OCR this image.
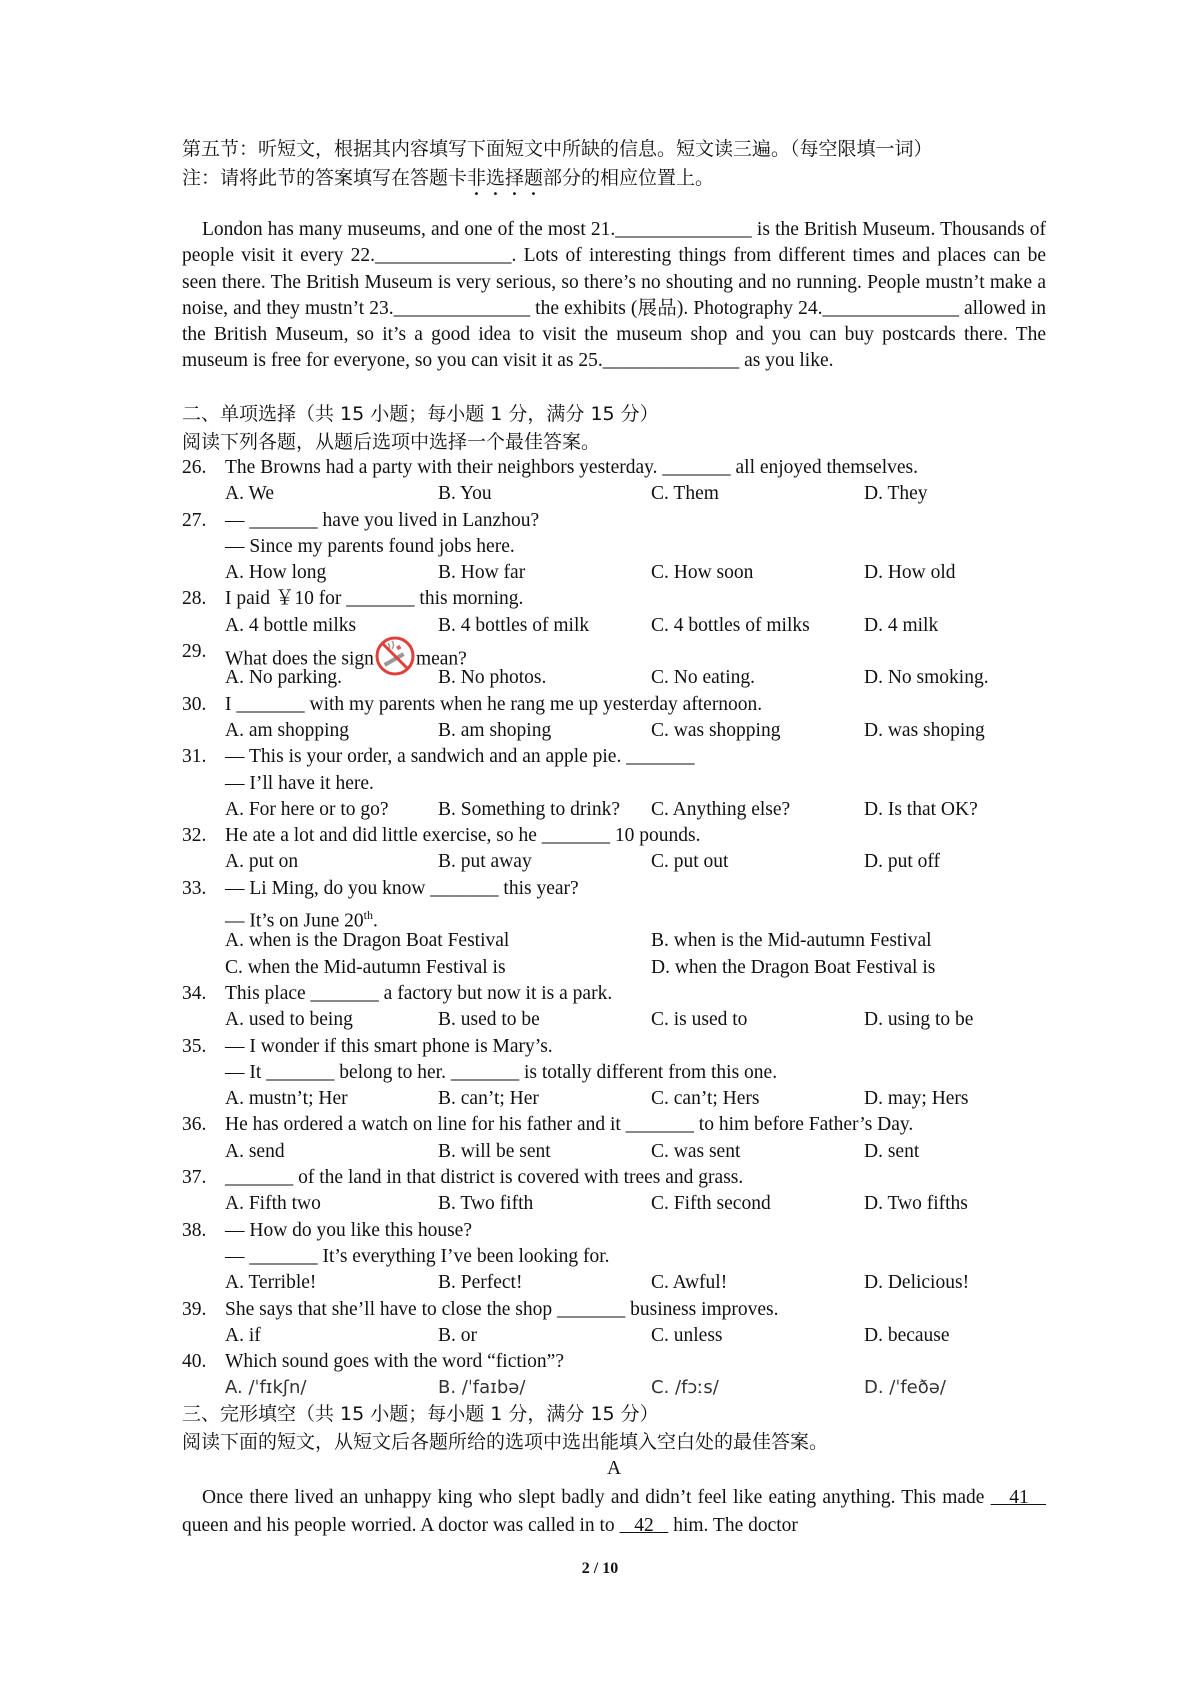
第五节：听短文，根据其内容填写下面短文中所缺的信息。短文读三遍。（每空限填一词）
注：请将此节的答案填写在答题卡非选择题部分的相应位置上。
London has many museums, and one of the most 21.______________ is the British Museum. Thousands of people visit it every 22.______________. Lots of interesting things from different times and places can be seen there. The British Museum is very serious, so there’s no shouting and no running. People mustn’t make a noise, and they mustn’t 23.______________ the exhibits (展品). Photography 24.______________ allowed in the British Museum, so it’s a good idea to visit the museum shop and you can buy postcards there. The museum is free for everyone, so you can visit it as 25.______________ as you like.
二、单项选择（共 15 小题；每小题 1 分，满分 15 分）
阅读下列各题，从题后选项中选择一个最佳答案。
26. The Browns had a party with their neighbors yesterday. _______ all enjoyed themselves.
A. We	B. You	C. Them	D. They
27. — _______ have you lived in Lanzhou?
— Since my parents found jobs here.
A. How long	B. How far	C. How soon	D. How old
28. I paid ￥10 for _______ this morning.
A. 4 bottle milks	B. 4 bottles of milk	C. 4 bottles of milks	D. 4 milk
29. What does the sign mean?
A. No parking.	B. No photos.	C. No eating.	D. No smoking.
30. I _______ with my parents when he rang me up yesterday afternoon.
A. am shopping	B. am shoping	C. was shopping	D. was shoping
31. — This is your order, a sandwich and an apple pie. _______
— I’ll have it here.
A. For here or to go?	B. Something to drink? C. Anything else?	D. Is that OK?
32. He ate a lot and did little exercise, so he _______ 10 pounds.
A. put on	B. put away	C. put out	D. put off
33. — Li Ming, do you know _______ this year?
— It’s on June 20th.
A. when is the Dragon Boat Festival	B. when is the Mid-autumn Festival
C. when the Mid-autumn Festival is	D. when the Dragon Boat Festival is
34. This place _______ a factory but now it is a park.
A. used to being	B. used to be	C. is used to	D. using to be
35. — I wonder if this smart phone is Mary’s.
— It _______ belong to her. _______ is totally different from this one.
A. mustn’t; Her	B. can’t; Her	C. can’t; Hers	D. may; Hers
36. He has ordered a watch on line for his father and it _______ to him before Father’s Day.
A. send	B. will be sent	C. was sent	D. sent
37. _______ of the land in that district is covered with trees and grass.
A. Fifth two	B. Two fifth	C. Fifth second	D. Two fifths
38. — How do you like this house?
— _______ It’s everything I’ve been looking for.
A. Terrible!	B. Perfect!	C. Awful!	D. Delicious!
39. She says that she’ll have to close the shop _______ business improves.
A. if	B. or	C. unless	D. because
40. Which sound goes with the word “fiction”?
A. /ˈfɪkʃn/	B. /ˈfaɪbə/	C. /fɔːs/	D. /ˈfeðə/
三、完形填空（共 15 小题；每小题 1 分，满分 15 分）
阅读下面的短文，从短文后各题所给的选项中选出能填入空白处的最佳答案。
A
Once there lived an unhappy king who slept badly and didn’t feel like eating anything. This made    41    queen and his people worried. A doctor was called in to    42    him. The doctor
2 / 10
